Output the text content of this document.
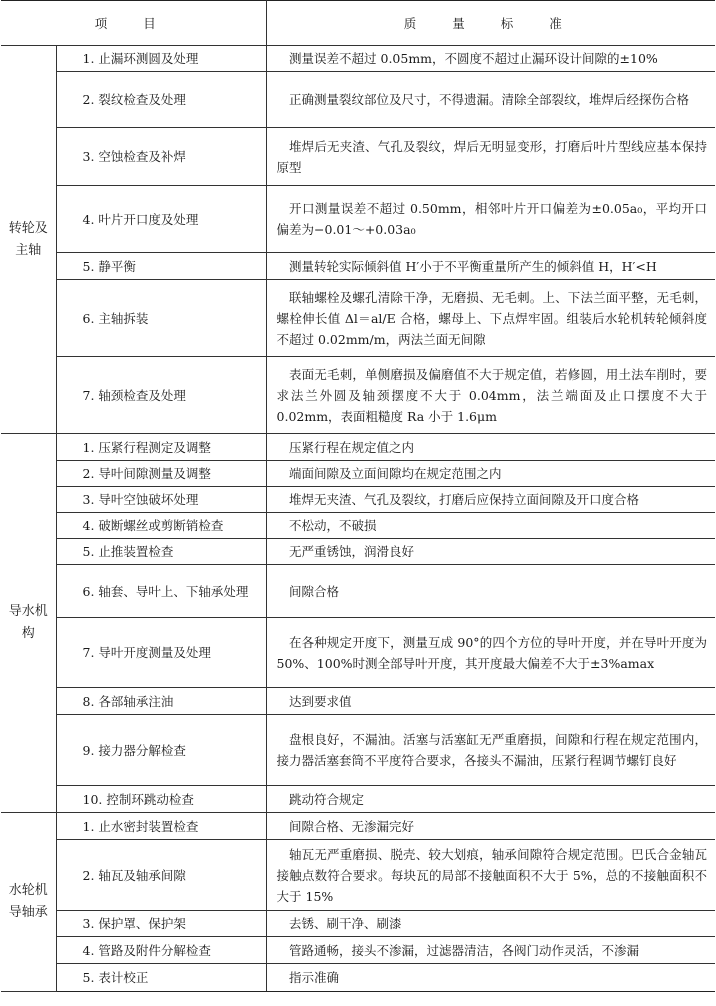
项 目		质 量 标 准
转轮及主轴	1. 止漏环测圆及处理	测量误差不超过 0.05mm，不圆度不超过止漏环设计间隙的±10%
	2. 裂纹检查及处理	正确测量裂纹部位及尺寸，不得遗漏。清除全部裂纹，堆焊后经探伤合格
	3. 空蚀检查及补焊	堆焊后无夹渣、气孔及裂纹，焊后无明显变形，打磨后叶片型线应基本保持原型
	4. 叶片开口度及处理	开口测量误差不超过 0.50mm，相邻叶片开口偏差为±0.05a₀，平均开口偏差为−0.01～+0.03a₀
	5. 静平衡	测量转轮实际倾斜值 H′小于不平衡重量所产生的倾斜值 H，H′<H
	6. 主轴拆装	联轴螺栓及螺孔清除干净，无磨损、无毛刺。上、下法兰面平整，无毛刺，螺栓伸长值 Δl＝al/E 合格，螺母上、下点焊牢固。组装后水轮机转轮倾斜度不超过 0.02mm/m，两法兰面无间隙
	7. 轴颈检查及处理	表面无毛刺，单侧磨损及偏磨值不大于规定值，若修圆，用土法车削时，要求法兰外圆及轴颈摆度不大于 0.04mm，法兰端面及止口摆度不大于 0.02mm，表面粗糙度 Ra 小于 1.6μm
导水机构	1. 压紧行程测定及调整	压紧行程在规定值之内
	2. 导叶间隙测量及调整	端面间隙及立面间隙均在规定范围之内
	3. 导叶空蚀破坏处理	堆焊无夹渣、气孔及裂纹，打磨后应保持立面间隙及开口度合格
	4. 破断螺丝或剪断销检查	不松动，不破损
	5. 止推装置检查	无严重锈蚀，润滑良好
	6. 轴套、导叶上、下轴承处理	间隙合格
	7. 导叶开度测量及处理	在各种规定开度下，测量互成 90°的四个方位的导叶开度，并在导叶开度为 50%、100%时测全部导叶开度，其开度最大偏差不大于±3%amax
	8. 各部轴承注油	达到要求值
	9. 接力器分解检查	盘根良好，不漏油。活塞与活塞缸无严重磨损，间隙和行程在规定范围内，接力器活塞套筒不平度符合要求，各接头不漏油，压紧行程调节螺钉良好
	10. 控制环跳动检查	跳动符合规定
水轮机导轴承	1. 止水密封装置检查	间隙合格、无渗漏完好
	2. 轴瓦及轴承间隙	轴瓦无严重磨损、脱壳、较大划痕，轴承间隙符合规定范围。巴氏合金轴瓦接触点数符合要求。每块瓦的局部不接触面积不大于 5%，总的不接触面积不大于 15%
	3. 保护罩、保护架	去锈、刷干净、刷漆
	4. 管路及附件分解检查	管路通畅，接头不渗漏，过滤器清洁，各阀门动作灵活，不渗漏
	5. 表计校正	指示准确
